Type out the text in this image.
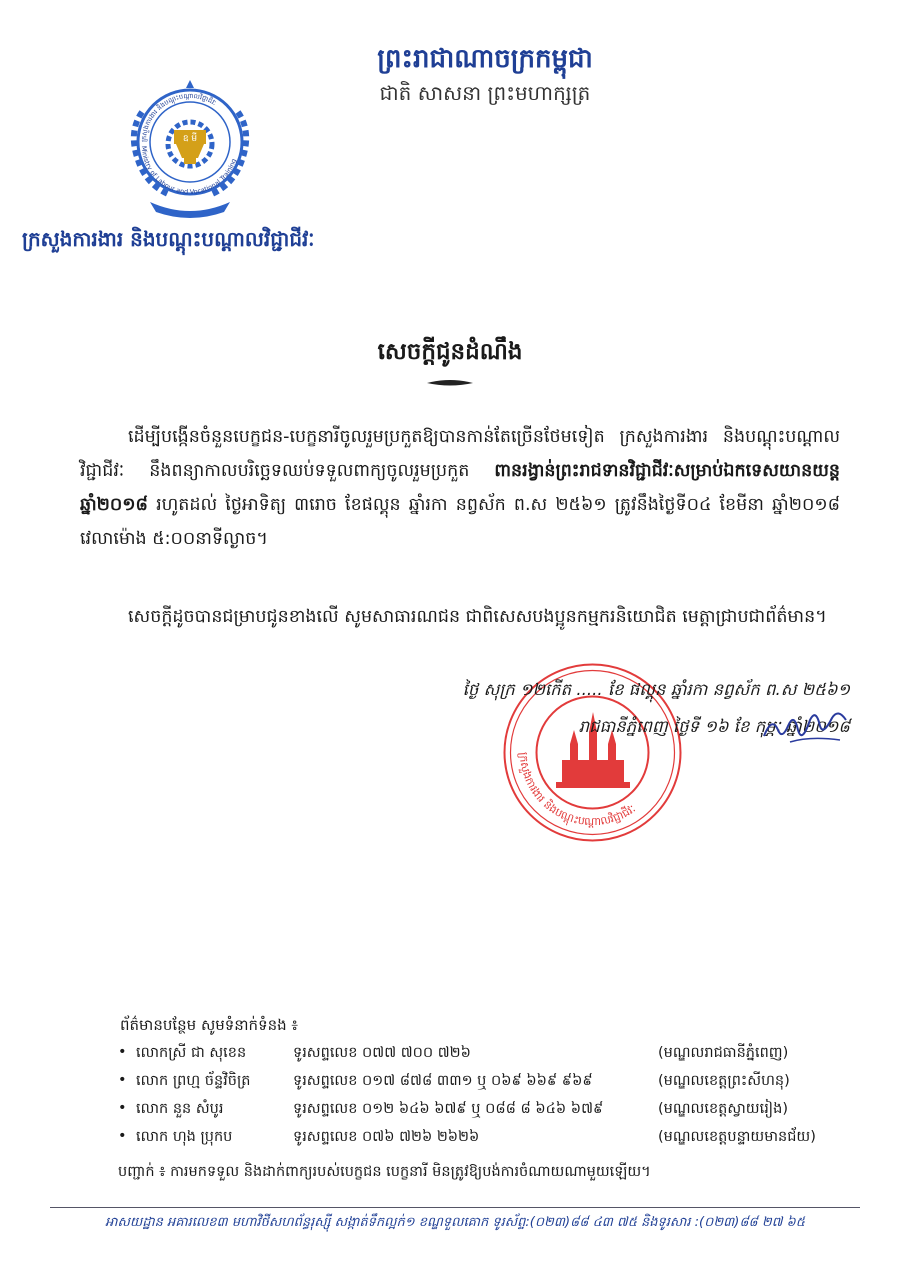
ឧ មី
ក្រសួងការងារ និងបណ្តុះបណ្តាលវិជ្ជាជីវៈ
Ministry of Labour and Vocational Training
ព្រះរាជាណាចក្រកម្ពុជា
ជាតិ សាសនា ព្រះមហាក្សត្រ
ក្រសួងការងារ និងបណ្តុះបណ្តាលវិជ្ជាជីវៈ
សេចក្ដីជូនដំណឹង
ដើម្បីបង្កើនចំនួនបេក្ខជន-បេក្ខនារីចូលរួមប្រកួតឱ្យបានកាន់តែច្រើនថែមទៀត ក្រសួងការងារ និងបណ្តុះបណ្តាលវិជ្ជាជីវៈ នឹងពន្យាកាលបរិច្ឆេទឈប់ទទួលពាក្យចូលរួមប្រកួត ពានរង្វាន់ព្រះរាជទានវិជ្ជាជីវៈសម្រាប់ឯកទេសយានយន្ត ឆ្នាំ២០១៨ រហូតដល់ ថ្ងៃអាទិត្យ ៣រោច ខែផល្គុន ឆ្នាំរកា នព្វស័ក ព.ស ២៥៦១ ត្រូវនឹងថ្ងៃទី០៤ ខែមីនា ឆ្នាំ២០១៨ វេលាម៉ោង ៥:០០នាទីល្ងាច។
សេចក្តីដូចបានជម្រាបជូនខាងលើ សូមសាធារណជន ជាពិសេសបងប្អូនកម្មករនិយោជិត មេត្តាជ្រាបជាព័ត៌មាន។
ក្រសួងការងារ និងបណ្តុះបណ្តាលវិជ្ជាជីវៈ
ថ្ងៃ សុក្រ ១២កើត ..... ខែ ផល្គុន ឆ្នាំរកា នព្វស័ក ព.ស ២៥៦១
រាជធានីភ្នំពេញ ថ្ងៃទី ១៦ ខែ កុម្ភៈ ឆ្នាំ២០១៨
ព័ត៌មានបន្ថែម សូមទំនាក់ទំនង ៖
• លោកស្រី ជា សុខេន	ទូរសព្ទលេខ ០៧៧ ៧០០ ៧២៦	(មណ្ឌលរាជធានីភ្នំពេញ)
• លោក ព្រហ្ម ច័ន្ទវិចិត្រ	ទូរសព្ទលេខ ០១៧ ៨៧៨ ៣៣១ ឬ ០៦៩ ៦៦៩ ៩៦៩	(មណ្ឌលខេត្តព្រះសីហនុ)
• លោក នួន សំបូរ	ទូរសព្ទលេខ ០១២ ៦៤៦ ៦៧៩ ឬ ០៨៨ ៨ ៦៤៦ ៦៧៩	(មណ្ឌលខេត្តស្វាយរៀង)
• លោក ហុង ប្រុកប	ទូរសព្ទលេខ ០៧៦ ៧២៦ ២៦២៦	(មណ្ឌលខេត្តបន្ទាយមានជ័យ)
បញ្ជាក់ ៖ ការមកទទួល និងដាក់ពាក្យរបស់បេក្ខជន បេក្ខនារី មិនត្រូវឱ្យបង់ការចំណាយណាមួយឡើយ។
អាសយដ្ឋាន អគារលេខ៣ មហាវិថីសហព័ន្ធរុស្ស៊ី សង្កាត់ទឹកល្អក់១ ខណ្ឌទួលគោក ទូរស័ព្ទ:(០២៣)៨៨ ៤៣ ៧៥ និងទូរសារ :(០២៣)៨៨ ២៧ ៦៥
